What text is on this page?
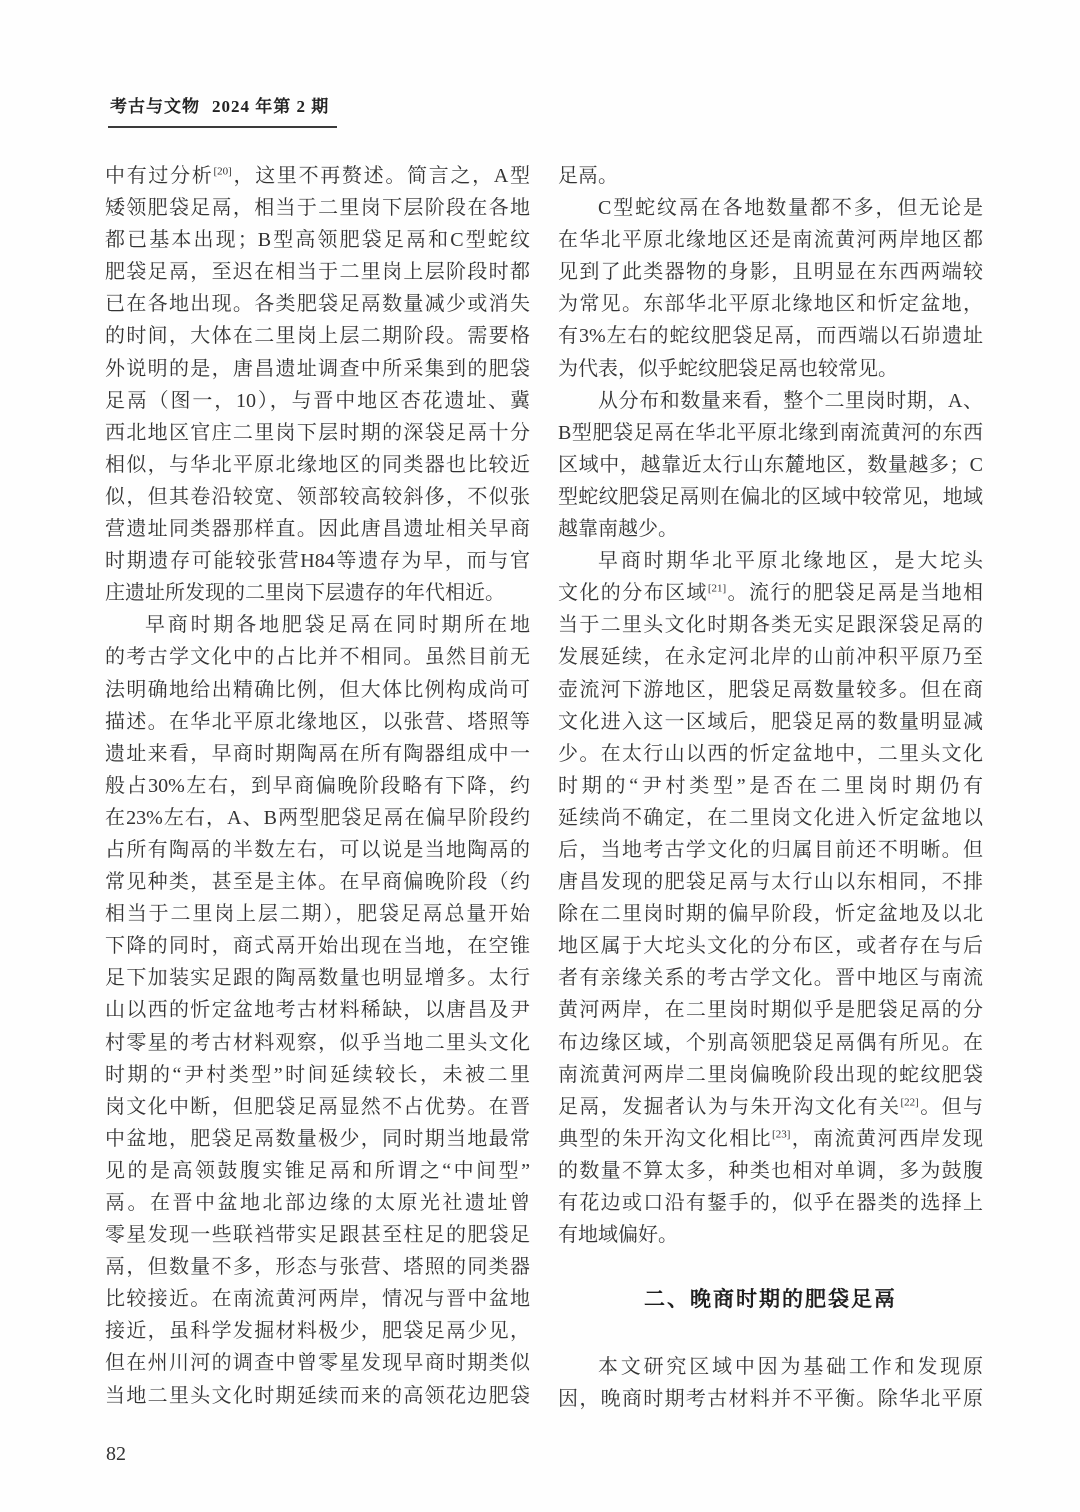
考古与文物 2024 年第 2 期
中有过分析[20]，这里不再赘述。简言之，A型
矮领肥袋足鬲，相当于二里岗下层阶段在各地
都已基本出现；B型高领肥袋足鬲和C型蛇纹
肥袋足鬲，至迟在相当于二里岗上层阶段时都
已在各地出现。各类肥袋足鬲数量减少或消失
的时间，大体在二里岗上层二期阶段。需要格
外说明的是，唐昌遗址调查中所采集到的肥袋
足鬲（图一，10），与晋中地区杏花遗址、冀
西北地区官庄二里岗下层时期的深袋足鬲十分
相似，与华北平原北缘地区的同类器也比较近
似，但其卷沿较宽、领部较高较斜侈，不似张
营遗址同类器那样直。因此唐昌遗址相关早商
时期遗存可能较张营H84等遗存为早，而与官
庄遗址所发现的二里岗下层遗存的年代相近。
早商时期各地肥袋足鬲在同时期所在地
的考古学文化中的占比并不相同。虽然目前无
法明确地给出精确比例，但大体比例构成尚可
描述。在华北平原北缘地区，以张营、塔照等
遗址来看，早商时期陶鬲在所有陶器组成中一
般占30%左右，到早商偏晚阶段略有下降，约
在23%左右，A、B两型肥袋足鬲在偏早阶段约
占所有陶鬲的半数左右，可以说是当地陶鬲的
常见种类，甚至是主体。在早商偏晚阶段（约
相当于二里岗上层二期），肥袋足鬲总量开始
下降的同时，商式鬲开始出现在当地，在空锥
足下加装实足跟的陶鬲数量也明显增多。太行
山以西的忻定盆地考古材料稀缺，以唐昌及尹
村零星的考古材料观察，似乎当地二里头文化
时期的“尹村类型”时间延续较长，未被二里
岗文化中断，但肥袋足鬲显然不占优势。在晋
中盆地，肥袋足鬲数量极少，同时期当地最常
见的是高领鼓腹实锥足鬲和所谓之“中间型”
鬲。在晋中盆地北部边缘的太原光社遗址曾
零星发现一些联裆带实足跟甚至柱足的肥袋足
鬲，但数量不多，形态与张营、塔照的同类器
比较接近。在南流黄河两岸，情况与晋中盆地
接近，虽科学发掘材料极少，肥袋足鬲少见，
但在州川河的调查中曾零星发现早商时期类似
当地二里头文化时期延续而来的高领花边肥袋
足鬲。
C型蛇纹鬲在各地数量都不多，但无论是
在华北平原北缘地区还是南流黄河两岸地区都
见到了此类器物的身影，且明显在东西两端较
为常见。东部华北平原北缘地区和忻定盆地，
有3%左右的蛇纹肥袋足鬲，而西端以石峁遗址
为代表，似乎蛇纹肥袋足鬲也较常见。
从分布和数量来看，整个二里岗时期，A、
B型肥袋足鬲在华北平原北缘到南流黄河的东西
区域中，越靠近太行山东麓地区，数量越多；C
型蛇纹肥袋足鬲则在偏北的区域中较常见，地域
越靠南越少。
早商时期华北平原北缘地区，是大坨头
文化的分布区域[21]。流行的肥袋足鬲是当地相
当于二里头文化时期各类无实足跟深袋足鬲的
发展延续，在永定河北岸的山前冲积平原乃至
壶流河下游地区，肥袋足鬲数量较多。但在商
文化进入这一区域后，肥袋足鬲的数量明显减
少。在太行山以西的忻定盆地中，二里头文化
时期的“尹村类型”是否在二里岗时期仍有
延续尚不确定，在二里岗文化进入忻定盆地以
后，当地考古学文化的归属目前还不明晰。但
唐昌发现的肥袋足鬲与太行山以东相同，不排
除在二里岗时期的偏早阶段，忻定盆地及以北
地区属于大坨头文化的分布区，或者存在与后
者有亲缘关系的考古学文化。晋中地区与南流
黄河两岸，在二里岗时期似乎是肥袋足鬲的分
布边缘区域，个别高领肥袋足鬲偶有所见。在
南流黄河两岸二里岗偏晚阶段出现的蛇纹肥袋
足鬲，发掘者认为与朱开沟文化有关[22]。但与
典型的朱开沟文化相比[23]，南流黄河西岸发现
的数量不算太多，种类也相对单调，多为鼓腹
有花边或口沿有鋬手的，似乎在器类的选择上
有地域偏好。
二、晚商时期的肥袋足鬲
本文研究区域中因为基础工作和发现原
因，晚商时期考古材料并不平衡。除华北平原
82
